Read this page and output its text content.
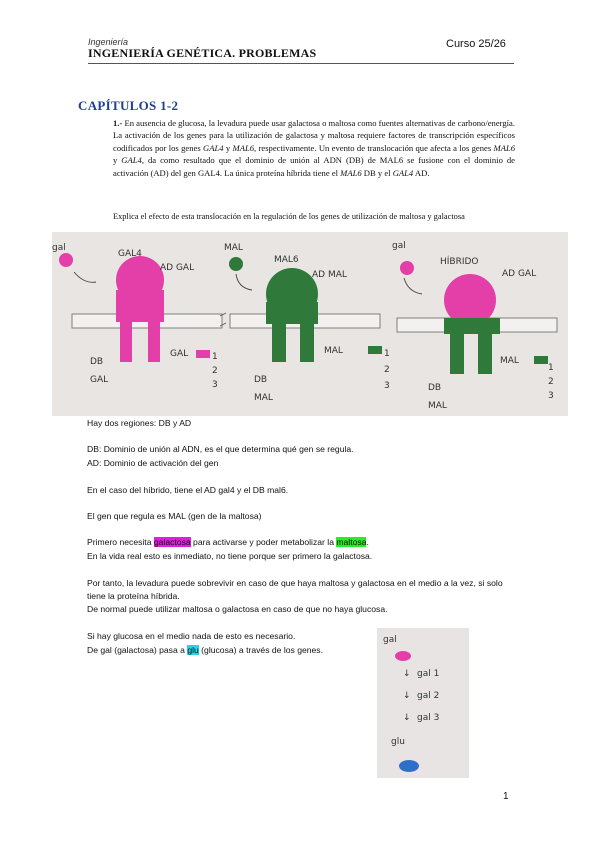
Ingeniería
INGENIERÍA GENÉTICA. PROBLEMAS
Curso 25/26
CAPÍTULOS 1-2
1.- En ausencia de glucosa, la levadura puede usar galactosa o maltosa como fuentes alternativas de carbono/energía. La activación de los genes para la utilización de galactosa y maltosa requiere factores de transcripción específicos codificados por los genes GAL4 y MAL6, respectivamente. Un evento de translocación que afecta a los genes MAL6 y GAL4, da como resultado que el dominio de unión al ADN (DB) de MAL6 se fusione con el dominio de activación (AD) del gen GAL4. La única proteína híbrida tiene el MAL6 DB y el GAL4 AD.
Explica el efecto de esta translocación en la regulación de los genes de utilización de maltosa y galactosa
GAL4
AD GAL
gal
DB
GAL
GAL	1
2
3
MAL
MAL6
AD MAL
DB
MAL
MAL	1
2
3
gal
HÍBRIDO
AD GAL
DB
MAL
MAL
1
2
3
Hay dos regiones: DB y AD
DB: Dominio de unión al ADN, es el que determina qué gen se regula.
AD: Dominio de activación del gen
En el caso del híbrido, tiene el AD gal4 y el DB mal6.
El gen que regula es MAL (gen de la maltosa)
Primero necesita galactosa para activarse y poder metabolizar la maltosa.
En la vida real esto es inmediato, no tiene porque ser primero la galactosa.
Por tanto, la levadura puede sobrevivir en caso de que haya maltosa y galactosa en el medio a la vez, si solo tiene la proteína híbrida.
De normal puede utilizar maltosa o galactosa en caso de que no haya glucosa.
Si hay glucosa en el medio nada de esto es necesario.
De gal (galactosa) pasa a glu (glucosa) a través de los genes.
gal
↓ gal 1
↓ gal 2
↓ gal 3
glu
1
